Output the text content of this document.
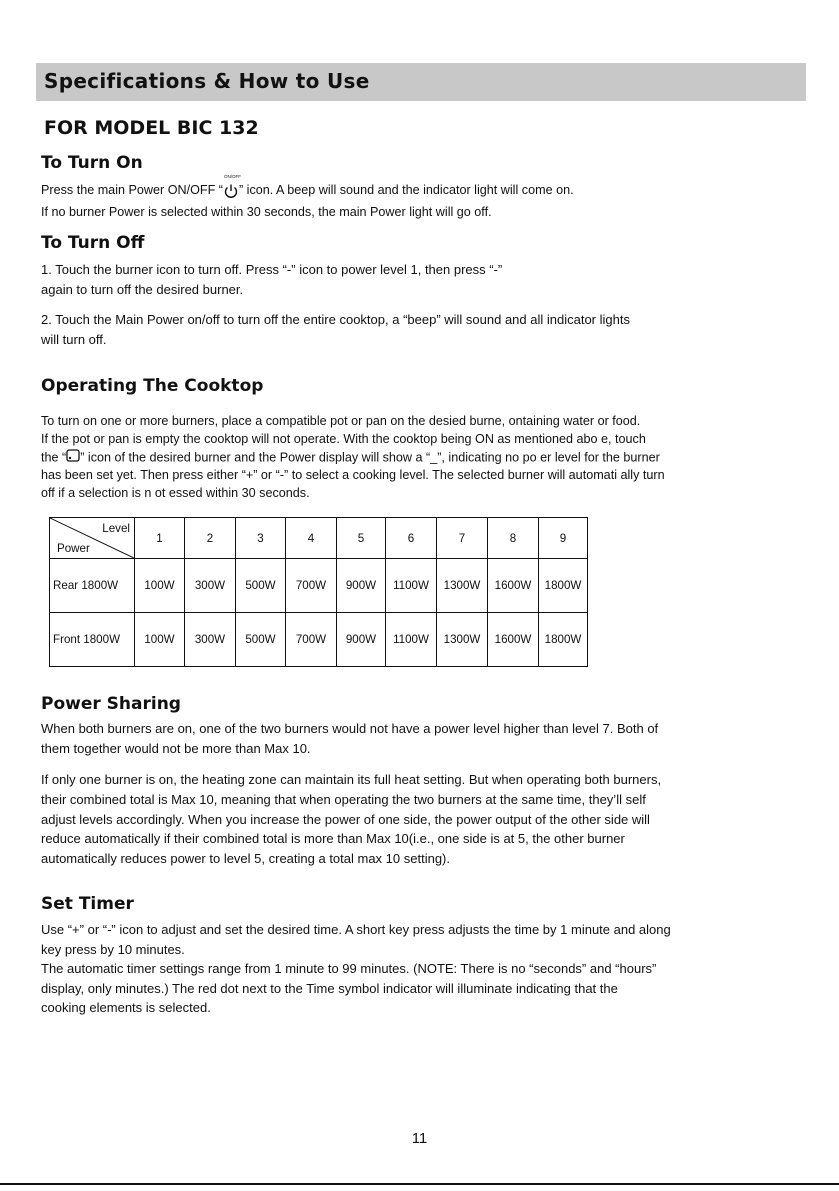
Specifications & How to Use
FOR MODEL BIC 132
To Turn On

Press the main Power ON/OFF “
ON/OFF
” icon. A beep will sound and the indicator light will come on.

If no burner Power is selected within 30 seconds, the main Power light will go off.

To Turn Off

1. Touch the burner icon to turn off. Press “-” icon to power level 1, then press “-”

again to turn off the desired burner.

2. Touch the Main Power on/off to turn off the entire cooktop, a “beep” will sound and all indicator lights

will turn off.

Operating The Cooktop

To turn on one or more burners, place a compatible pot or pan on the desied burne, ontaining water or food.

If the pot or pan is empty the cooktop will not operate. With the cooktop being ON as mentioned abo e, touch

the “ ” icon of the desired burner and the Power display will show a “_”, indicating no po er level for the burner

has been set yet. Then press either “+” or “-” to select a cooking level. The selected burner will automati ally turn

off if a selection is n ot essed within 30 seconds.

Level
Power	1	2	3	4	5	6	7	8	9
Rear 1800W	100W	300W	500W	700W	900W	1100W	1300W	1600W	1800W
Front 1800W	100W	300W	500W	700W	900W	1100W	1300W	1600W	1800W
Power Sharing

When both burners are on, one of the two burners would not have a power level higher than level 7. Both of

them together would not be more than Max 10.

If only one burner is on, the heating zone can maintain its full heat setting. But when operating both burners,

their combined total is Max 10, meaning that when operating the two burners at the same time, they’ll self

adjust levels accordingly. When you increase the power of one side, the power output of the other side will

reduce automatically if their combined total is more than Max 10(i.e., one side is at 5, the other burner

automatically reduces power to level 5, creating a total max 10 setting).

Set Timer

Use “+” or “-” icon to adjust and set the desired time. A short key press adjusts the time by 1 minute and along

key press by 10 minutes.

The automatic timer settings range from 1 minute to 99 minutes. (NOTE: There is no “seconds” and “hours”

display, only minutes.) The red dot next to the Time symbol indicator will illuminate indicating that the

cooking elements is selected.

11
